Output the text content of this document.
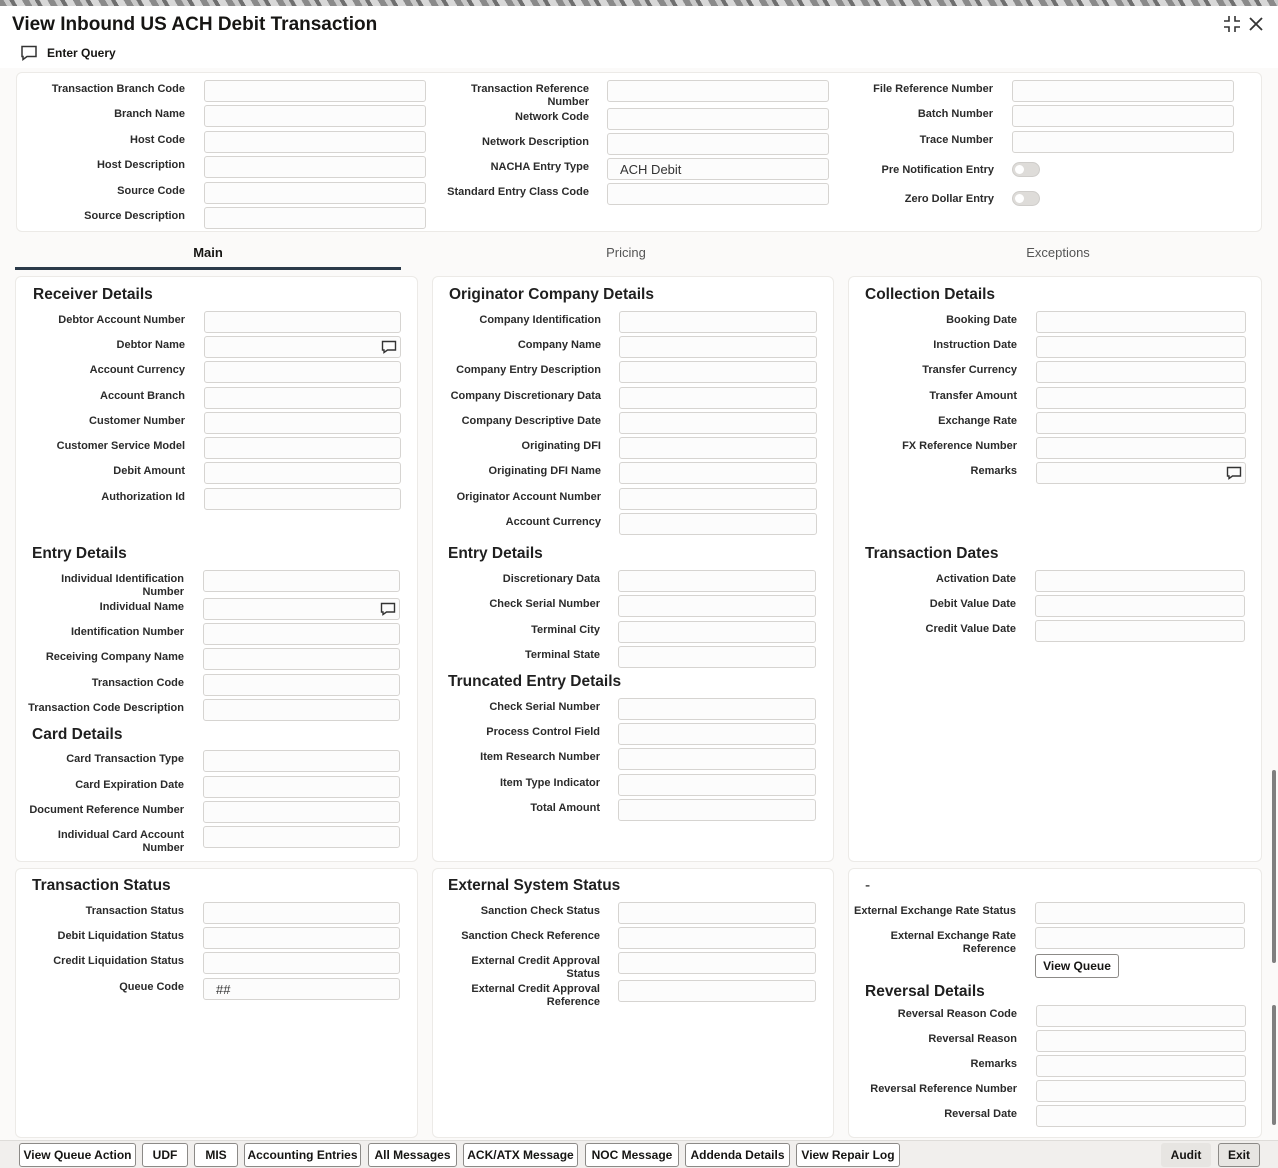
View Inbound US ACH Debit Transaction
Enter Query
Main	Pricing	Exceptions
Receiver Details	Originator Company Details	Collection Details
Entry Details	Entry Details	Transaction Dates
Truncated Entry Details
Card Details
Transaction Status	External System Status	-
Reversal Details
Transaction Branch Code
Branch Name
Host Code
Host Description
Source Code
Source Description
Transaction Reference
Number
Network Code
Network Description
NACHA Entry Type	ACH Debit
Standard Entry Class Code
File Reference Number
Batch Number
Trace Number
Debtor Account Number
Debtor Name
Account Currency
Account Branch
Customer Number
Customer Service Model
Debit Amount
Authorization Id
Company Identification
Company Name
Company Entry Description
Company Discretionary Data
Company Descriptive Date
Originating DFI
Originating DFI Name
Originator Account Number
Account Currency
Booking Date
Instruction Date
Transfer Currency
Transfer Amount
Exchange Rate
FX Reference Number
Remarks
Individual Identification
Number
Individual Name
Identification Number
Receiving Company Name
Transaction Code
Transaction Code Description
Card Transaction Type
Card Expiration Date
Document Reference Number
Individual Card Account
Number
Discretionary Data
Check Serial Number
Terminal City
Terminal State
Check Serial Number
Process Control Field
Item Research Number
Item Type Indicator
Total Amount
Activation Date
Debit Value Date
Credit Value Date
Transaction Status
Debit Liquidation Status
Credit Liquidation Status
Queue Code	##
Sanction Check Status
Sanction Check Reference
External Credit Approval
Status
External Credit Approval
Reference
External Exchange Rate Status
External Exchange Rate
Reference
Reversal Reason Code
Reversal Reason
Remarks
Reversal Reference Number
Reversal Date
Pre Notification Entry
Zero Dollar Entry
View Queue
View Queue Action	UDF	MIS	Accounting Entries	All Messages	ACK/ATX Message	NOC Message	Addenda Details	View Repair Log	Audit	Exit
